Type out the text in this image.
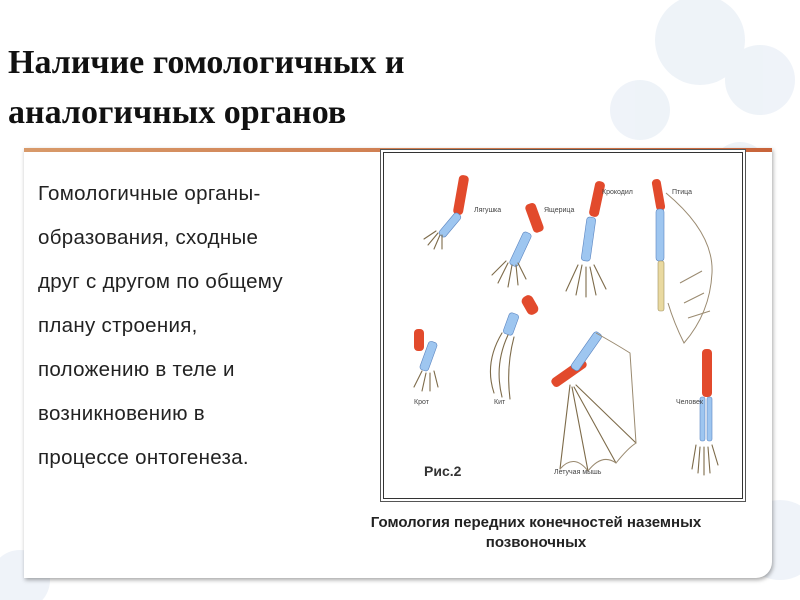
Наличие гомологичных и
аналогичных органов
Гомологичные органы-
образования, сходные
друг с другом по общему
плану строения,
положению в теле и
возникновению в
процессе онтогенеза.
Лягушка	Ящерица
Крокодил	Птица
Крот	Кит
Летучая мышь
Человек
Рис.2
Гомология передних конечностей наземных
позвоночных
